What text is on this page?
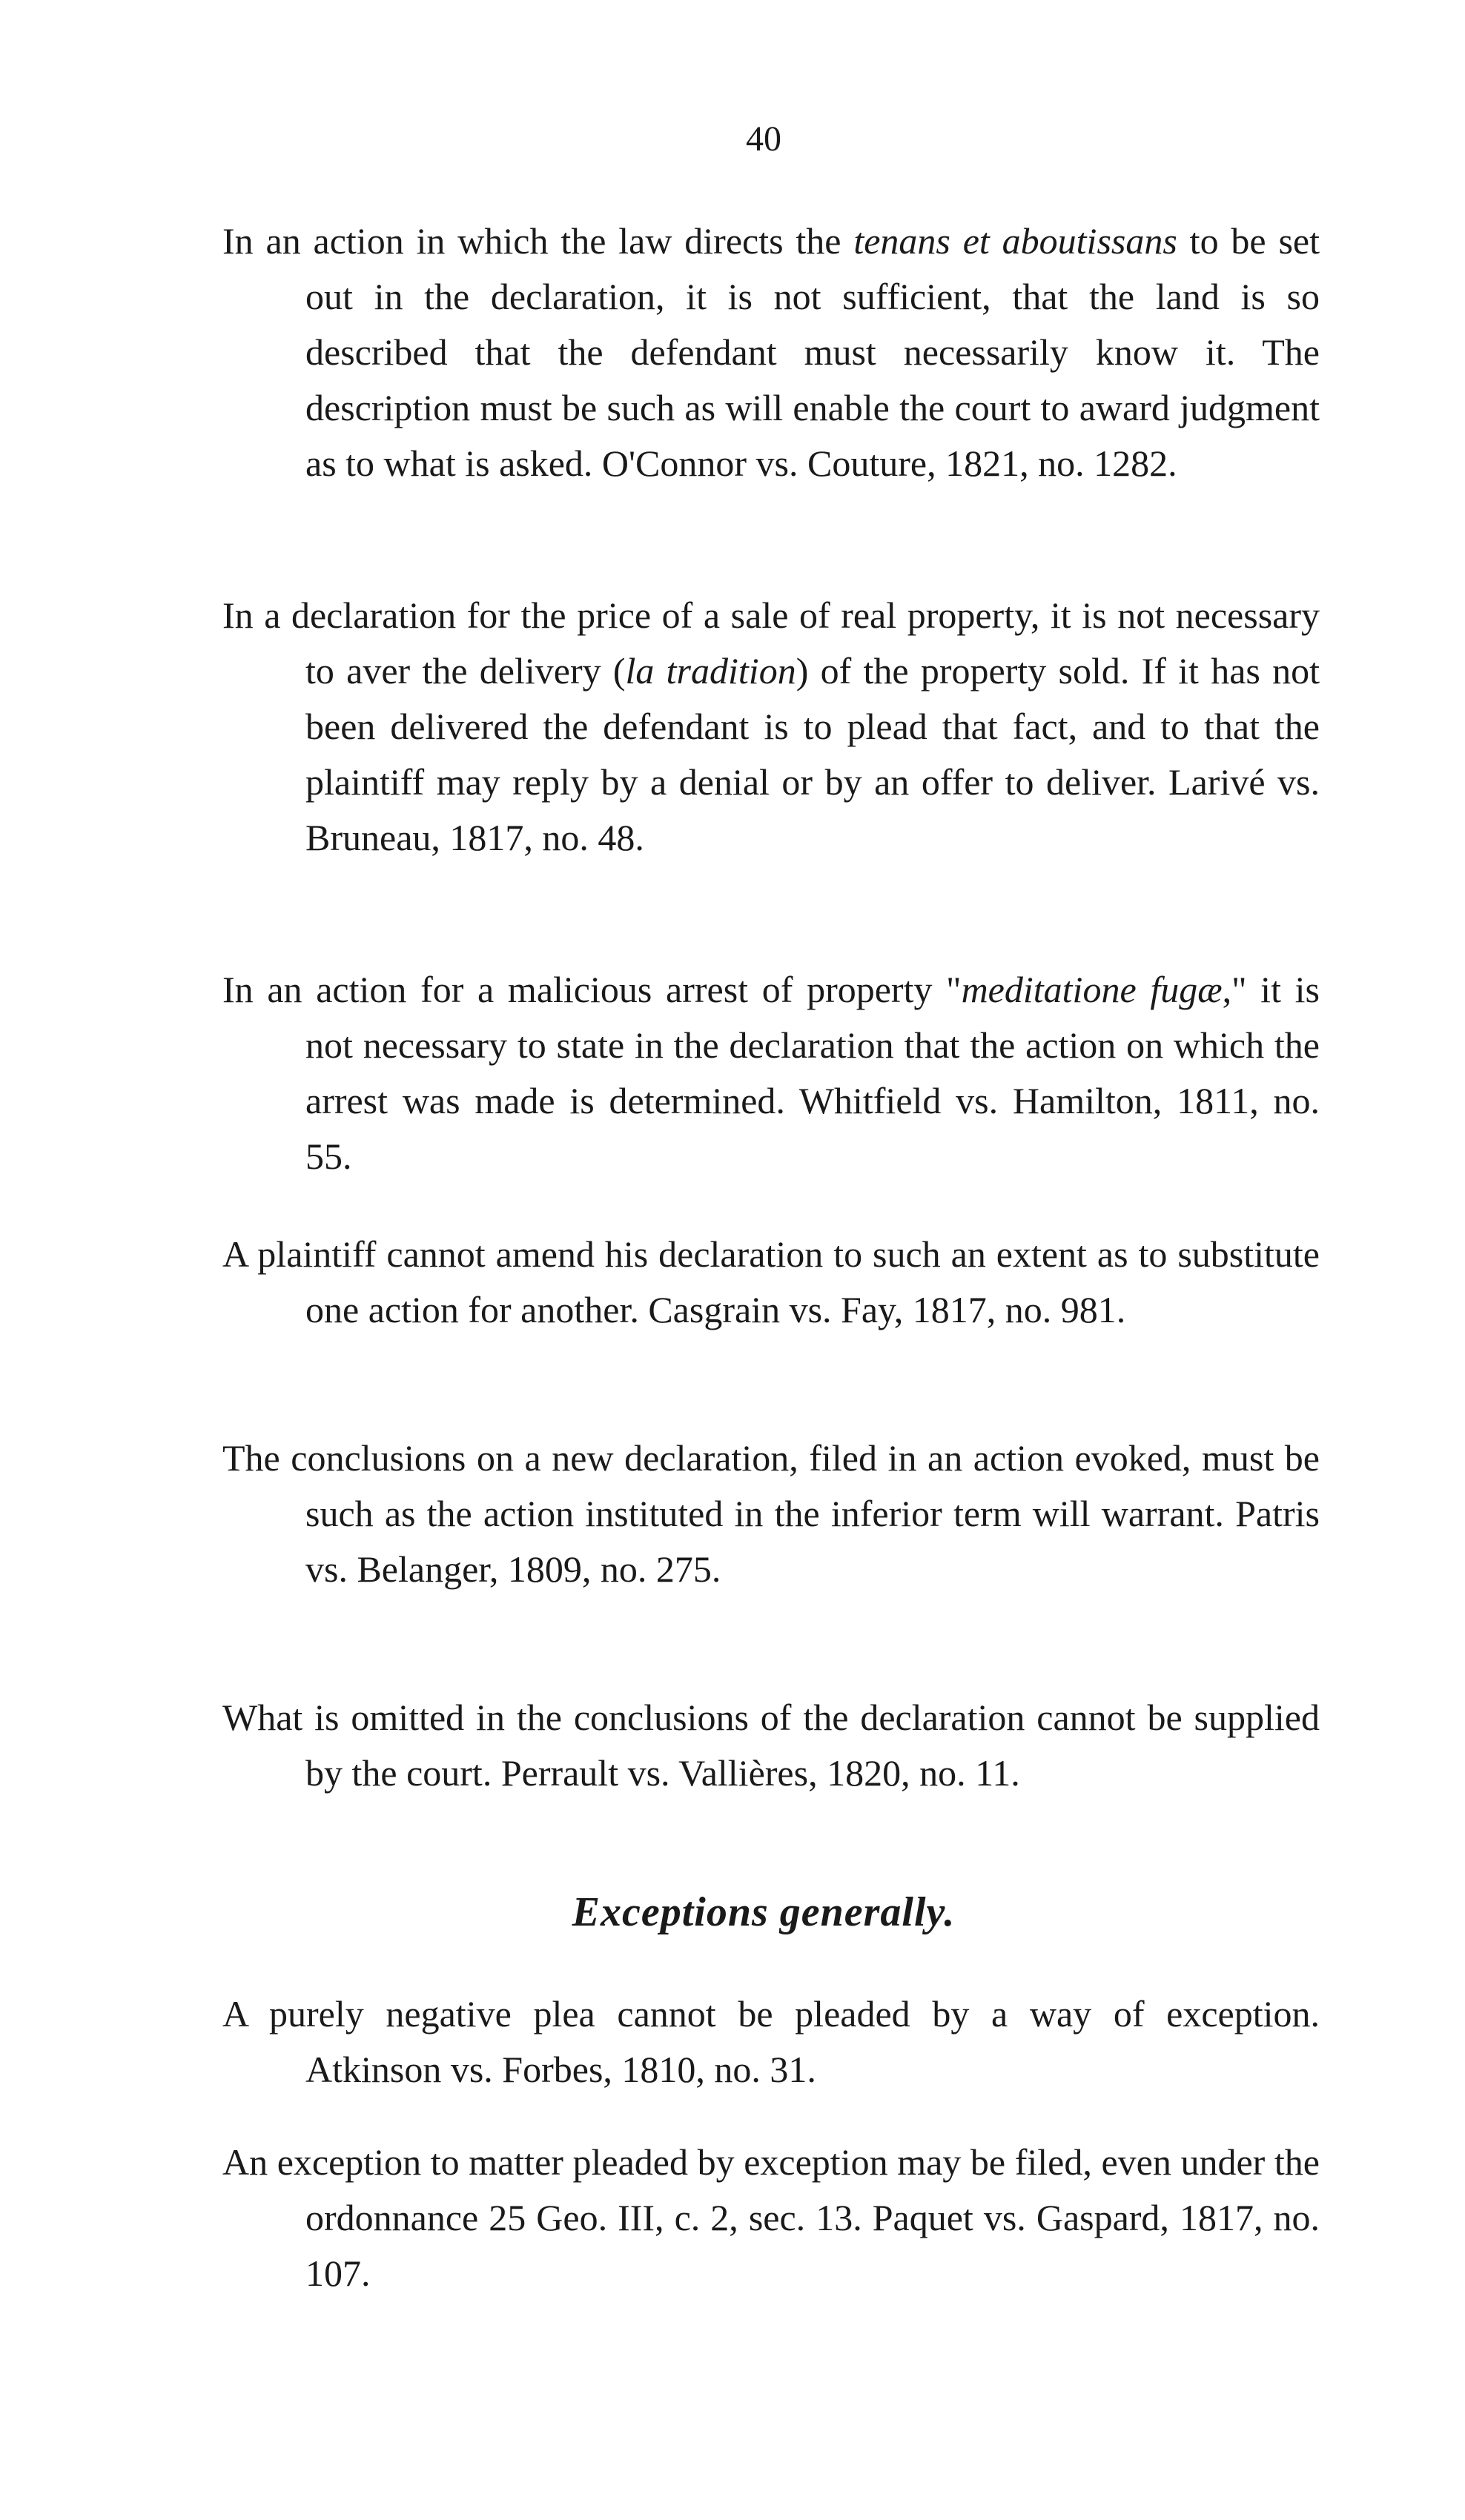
40
In an action in which the law directs the tenans et aboutissans to be set out in the declaration, it is not sufficient, that the land is so described that the defendant must necessarily know it. The description must be such as will enable the court to award judgment as to what is asked. O'Connor vs. Couture, 1821, no. 1282.
In a declaration for the price of a sale of real property, it is not necessary to aver the delivery (la tradition) of the property sold. If it has not been delivered the defendant is to plead that fact, and to that the plaintiff may reply by a denial or by an offer to deliver. Larivé vs. Bruneau, 1817, no. 48.
In an action for a malicious arrest of property "meditatione fugæ," it is not necessary to state in the declaration that the action on which the arrest was made is determined. Whitfield vs. Hamilton, 1811, no. 55.
A plaintiff cannot amend his declaration to such an extent as to substitute one action for another. Casgrain vs. Fay, 1817, no. 981.
The conclusions on a new declaration, filed in an action evoked, must be such as the action instituted in the inferior term will warrant. Patris vs. Belanger, 1809, no. 275.
What is omitted in the conclusions of the declaration cannot be supplied by the court. Perrault vs. Vallières, 1820, no. 11.
Exceptions generally.
A purely negative plea cannot be pleaded by a way of exception. Atkinson vs. Forbes, 1810, no. 31.
An exception to matter pleaded by exception may be filed, even under the ordonnance 25 Geo. III, c. 2, sec. 13. Paquet vs. Gaspard, 1817, no. 107.
